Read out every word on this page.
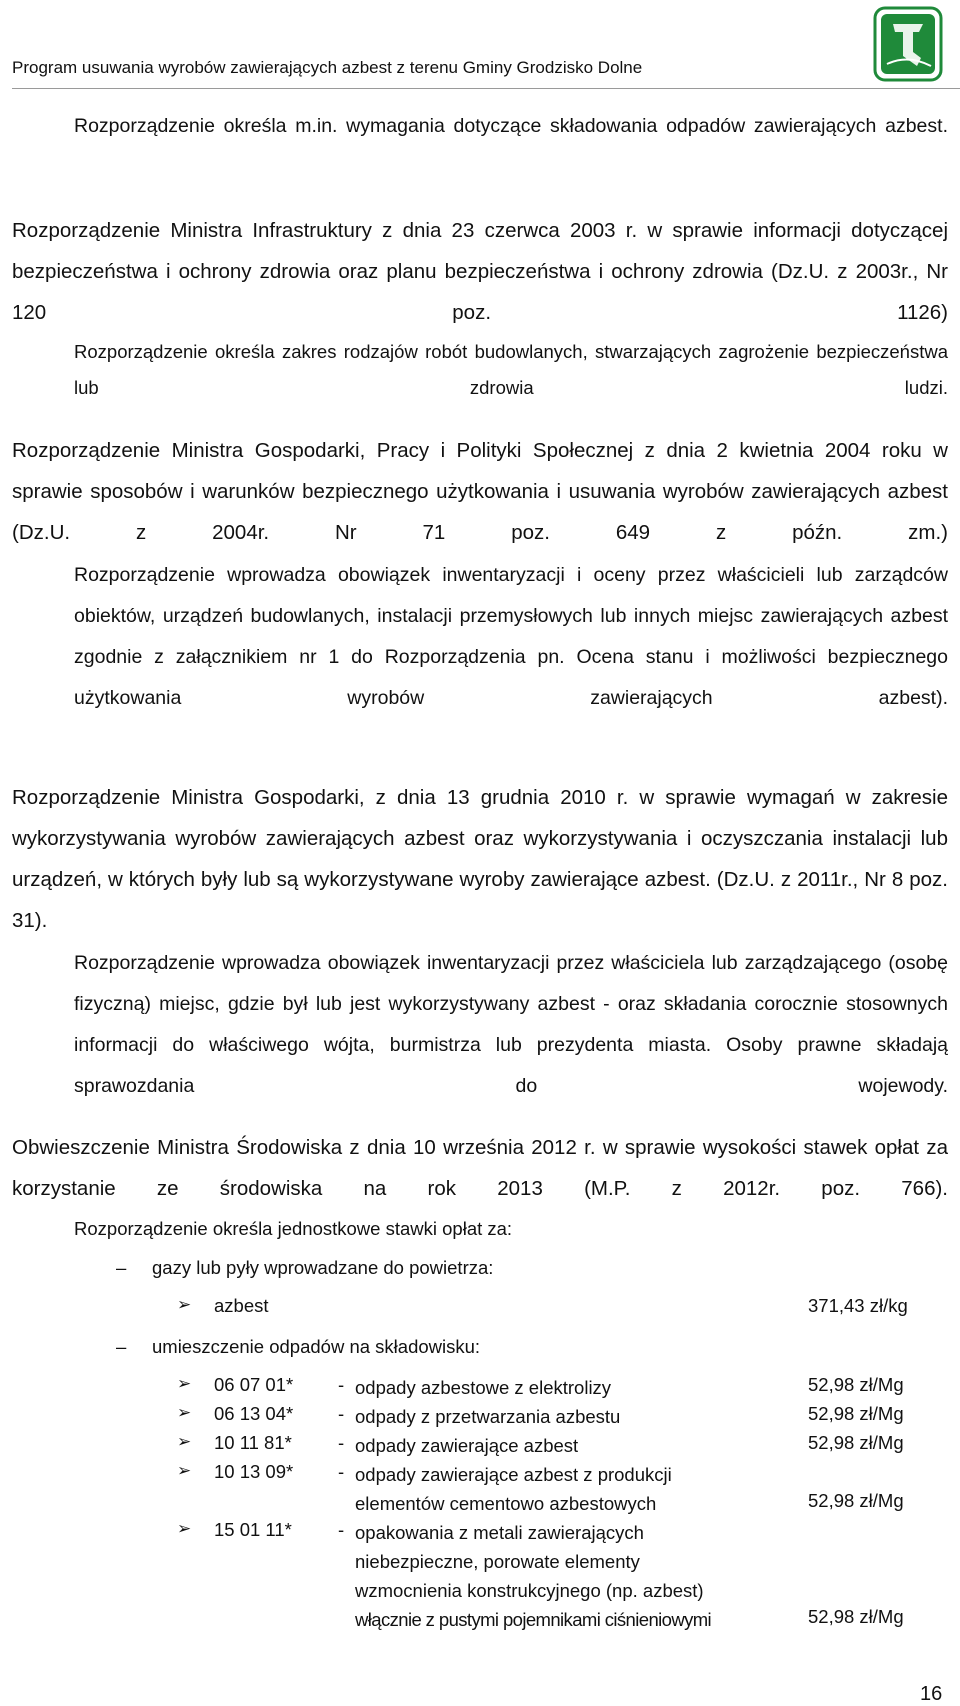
Program usuwania wyrobów zawierających azbest z terenu Gminy Grodzisko Dolne

Rozporządzenie określa m.in. wymagania dotyczące składowania odpadów zawierających azbest.

Rozporządzenie Ministra Infrastruktury z dnia 23 czerwca 2003 r. w sprawie informacji dotyczącej bezpieczeństwa i ochrony zdrowia oraz planu bezpieczeństwa i ochrony zdrowia (Dz.U. z 2003r., Nr 120 poz. 1126)

Rozporządzenie określa zakres rodzajów robót budowlanych, stwarzających zagrożenie bezpieczeństwa lub zdrowia ludzi.

Rozporządzenie Ministra Gospodarki, Pracy i Polityki Społecznej z dnia 2 kwietnia 2004 roku w sprawie sposobów i warunków bezpiecznego użytkowania i usuwania wyrobów zawierających azbest (Dz.U. z 2004r. Nr 71 poz. 649 z późn. zm.)

Rozporządzenie wprowadza obowiązek inwentaryzacji i oceny przez właścicieli lub zarządców obiektów, urządzeń budowlanych, instalacji przemysłowych lub innych miejsc zawierających azbest zgodnie z załącznikiem nr 1 do Rozporządzenia pn. Ocena stanu i możliwości bezpiecznego użytkowania wyrobów zawierających azbest).

Rozporządzenie Ministra Gospodarki, z dnia 13 grudnia 2010 r. w sprawie wymagań w zakresie wykorzystywania wyrobów zawierających azbest oraz wykorzystywania i oczyszczania instalacji lub urządzeń, w których były lub są wykorzystywane wyroby zawierające azbest. (Dz.U. z 2011r., Nr 8 poz. 31).

Rozporządzenie wprowadza obowiązek inwentaryzacji przez właściciela lub zarządzającego (osobę fizyczną) miejsc, gdzie był lub jest wykorzystywany azbest - oraz składania corocznie stosownych informacji do właściwego wójta, burmistrza lub prezydenta miasta. Osoby prawne składają sprawozdania do wojewody.

Obwieszczenie Ministra Środowiska z dnia 10 września 2012 r. w sprawie wysokości stawek opłat za korzystanie ze środowiska na rok 2013 (M.P. z 2012r. poz. 766).

Rozporządzenie określa jednostkowe stawki opłat za:
– gazy lub pyły wprowadzane do powietrza:
➢ azbest	371,43 zł/kg
– umieszczenie odpadów na składowisku:
➢ 06 07 01* - odpady azbestowe z elektrolizy	52,98 zł/Mg
➢ 06 13 04* - odpady z przetwarzania azbestu	52,98 zł/Mg
➢ 10 11 81* - odpady zawierające azbest	52,98 zł/Mg
➢ 10 13 09* - odpady zawierające azbest z produkcji
elementów cementowo azbestowych	52,98 zł/Mg
➢ 15 01 11* - opakowania z metali zawierających
niebezpieczne, porowate elementy
wzmocnienia konstrukcyjnego (np. azbest)
włącznie z pustymi pojemnikami ciśnieniowymi	52,98 zł/Mg
16
